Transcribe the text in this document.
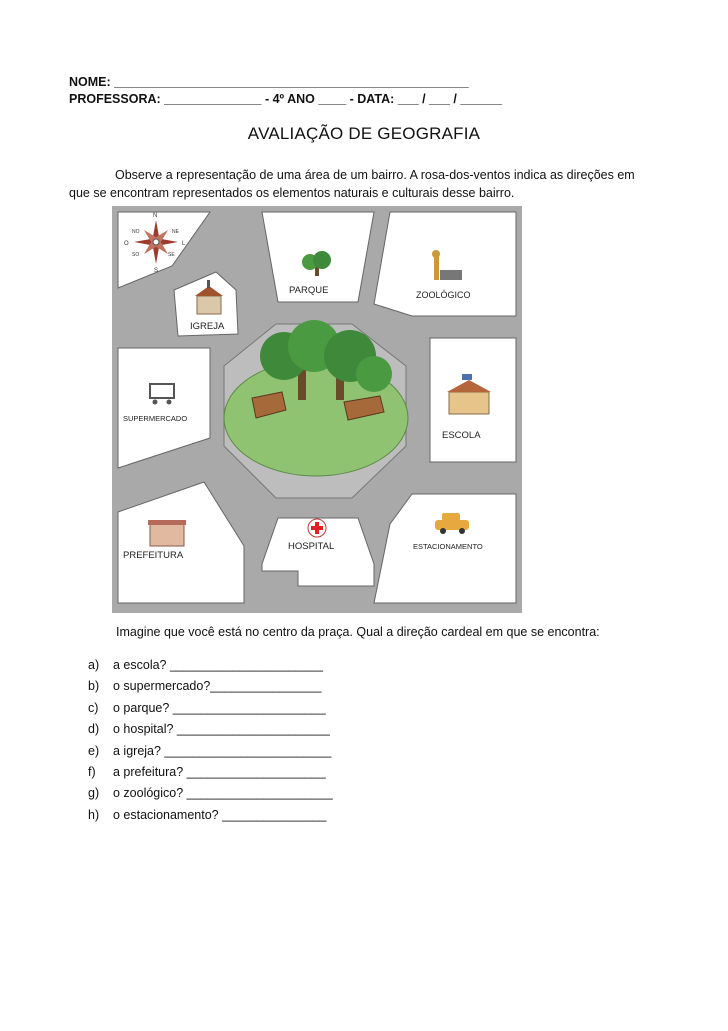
NOME: ___________________________________________________
PROFESSORA: ______________ - 4º ANO ____ - DATA: ___ / ___ / ______
AVALIAÇÃO DE GEOGRAFIA
Observe a representação de uma área de um bairro. A rosa-dos-ventos indica as direções em que se encontram representados os elementos naturais e culturais desse bairro.
N
NE
L
SE
S
SO
O
NO
PARQUE	ZOOLÓGICO
IGREJA
SUPERMERCADO
ESCOLA
PREFEITURA
HOSPITAL	ESTACIONAMENTO
Imagine que você está no centro da praça. Qual a direção cardeal em que se encontra:
a) a escola? ______________________
b) o supermercado?________________
c) o parque? ______________________
d) o hospital? ______________________
e) a igreja? ________________________
f) a prefeitura? ____________________
g) o zoológico? _____________________
h) o estacionamento? _______________
